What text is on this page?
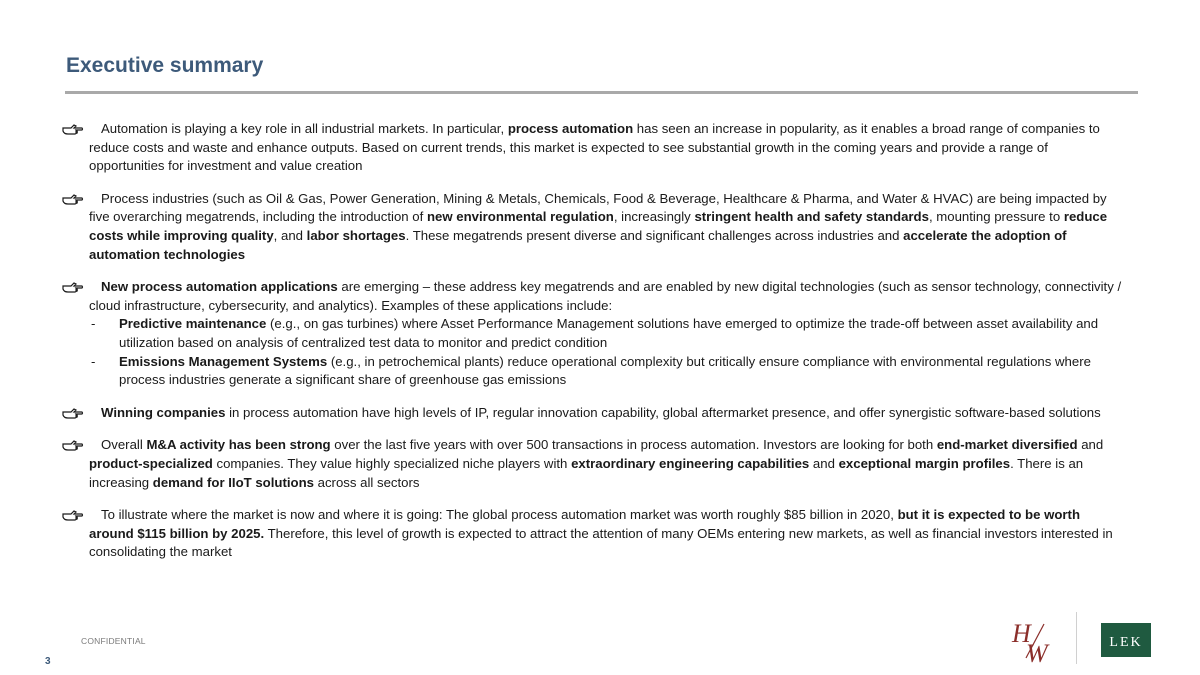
Executive summary

Automation is playing a key role in all industrial markets. In particular, process automation has seen an increase in popularity, as it enables a broad range of companies to reduce costs and waste and enhance outputs. Based on current trends, this market is expected to see substantial growth in the coming years and provide a range of opportunities for investment and value creation

Process industries (such as Oil & Gas, Power Generation, Mining & Metals, Chemicals, Food & Beverage, Healthcare & Pharma, and Water & HVAC) are being impacted by five overarching megatrends, including the introduction of new environmental regulation, increasingly stringent health and safety standards, mounting pressure to reduce costs while improving quality, and labor shortages. These megatrends present diverse and significant challenges across industries and accelerate the adoption of automation technologies

New process automation applications are emerging – these address key megatrends and are enabled by new digital technologies (such as sensor technology, connectivity / cloud infrastructure, cybersecurity, and analytics). Examples of these applications include:

- Predictive maintenance (e.g., on gas turbines) where Asset Performance Management solutions have emerged to optimize the trade-off between asset availability and utilization based on analysis of centralized test data to monitor and predict condition
- Emissions Management Systems (e.g., in petrochemical plants) reduce operational complexity but critically ensure compliance with environmental regulations where process industries generate a significant share of greenhouse gas emissions

Winning companies in process automation have high levels of IP, regular innovation capability, global aftermarket presence, and offer synergistic software-based solutions

Overall M&A activity has been strong over the last five years with over 500 transactions in process automation. Investors are looking for both end-market diversified and product-specialized companies. They value highly specialized niche players with extraordinary engineering capabilities and exceptional margin profiles. There is an increasing demand for IIoT solutions across all sectors

To illustrate where the market is now and where it is going: The global process automation market was worth roughly $85 billion in 2020, but it is expected to be worth around $115 billion by 2025. Therefore, this level of growth is expected to attract the attention of many OEMs entering new markets, as well as financial investors interested in consolidating the market

CONFIDENTIAL
3
H
W	LEK
